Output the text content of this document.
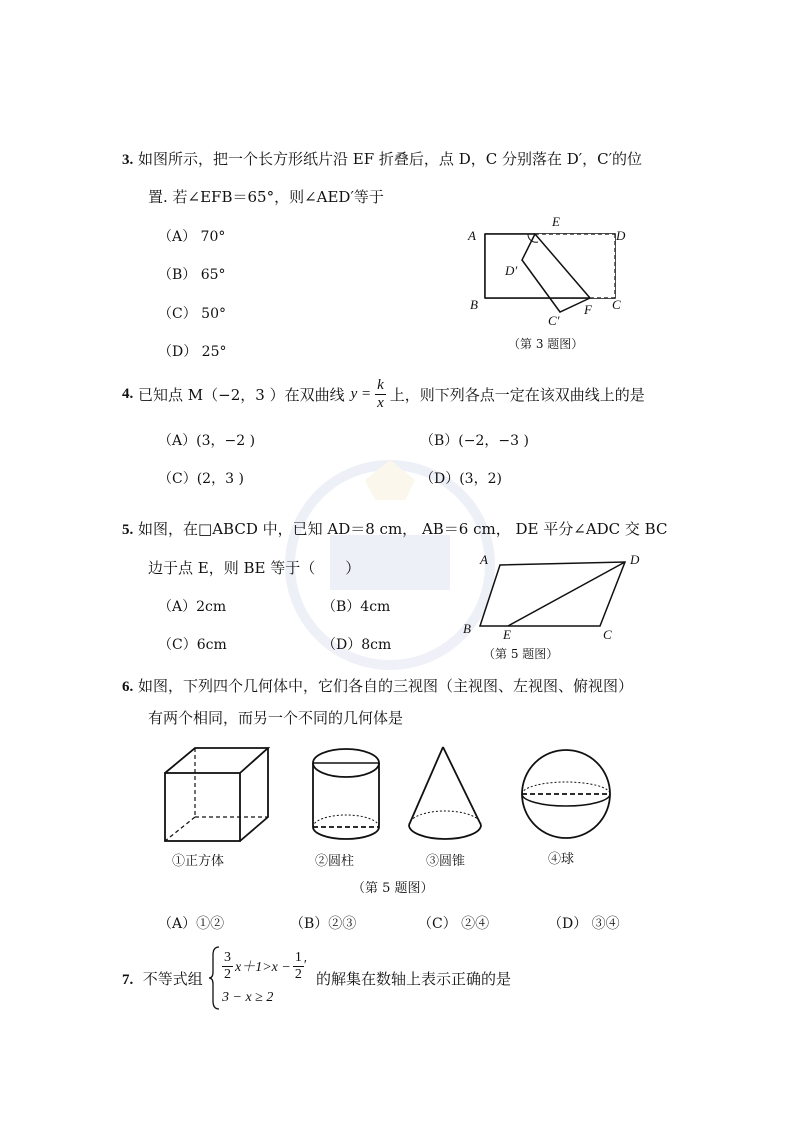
3. 如图所示，把一个长方形纸片沿 EF 折叠后，点 D，C 分别落在 D′，C′的位
置. 若∠EFB＝65°，则∠AED′等于
（A） 70°
（B） 65°
（C） 50°
（D） 25°
A
E
D
D′
B	F C
C′
（第 3 题图）
4.
已知点 M（−2，3 ）在双曲线 $y = \frac{k}{x}$ 上，则下列各点一定在该双曲线上的是
（A）(3，−2 )	（B）(−2，−3 )
（C）(2，3 )	（D）(3，2)
5. 如图，在□ABCD 中，已知 AD＝8 cm， AB＝6 cm， DE 平分∠ADC 交 BC
边于点 E，则 BE 等于（　　）
（A）2cm	（B）4cm
（C）6cm	（D）8cm
A	D
B E	C
（第 5 题图）
6. 如图，下列四个几何体中，它们各自的三视图（主视图、左视图、俯视图）
有两个相同，而另一个不同的几何体是
①正方体	②圆柱	③圆锥	④球
（第 5 题图）
（A）①②	（B）②③	（C） ②④	（D） ③④
7. 不等式组 $\frac{3}{2} x+1>x - \frac{1}{2}$ ′
3 − x ≥ 2
的解集在数轴上表示正确的是
